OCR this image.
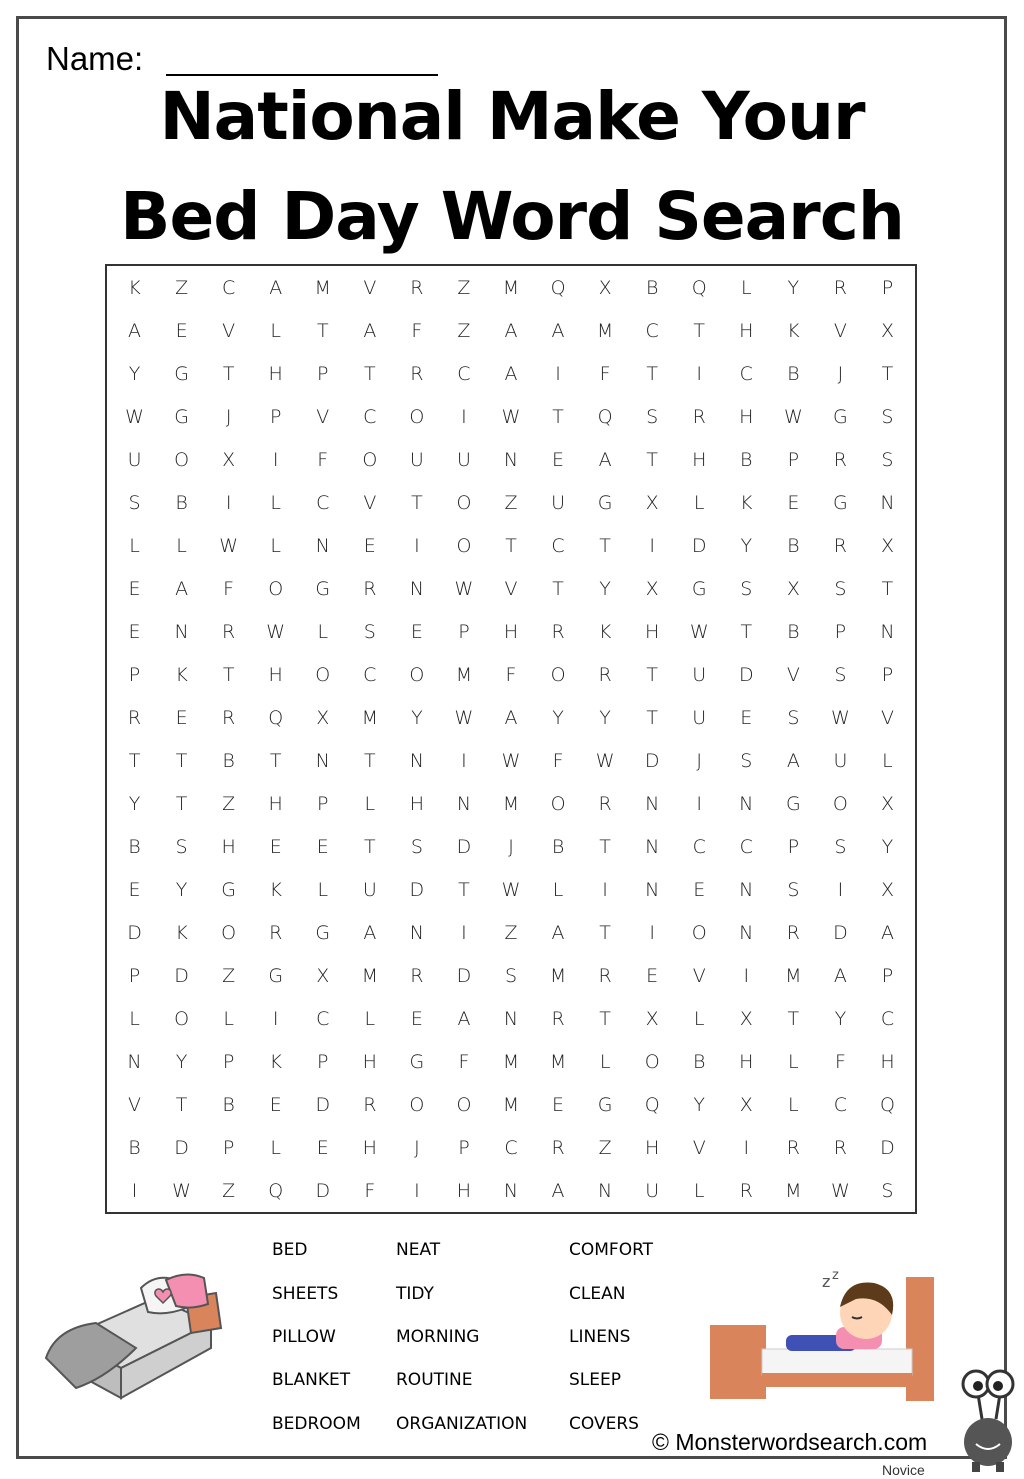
Name:
National Make Your
Bed Day Word Search
K	Z	C	A	M	V	R	Z	M	Q	X	B	Q	L	Y	R	P
A	E	V	L	T	A	F	Z	A	A	M	C	T	H	K	V	X
Y	G	T	H	P	T	R	C	A	I	F	T	I	C	B	J	T
W	G	J	P	V	C	O	I	W	T	Q	S	R	H	W	G	S
U	O	X	I	F	O	U	U	N	E	A	T	H	B	P	R	S
S	B	I	L	C	V	T	O	Z	U	G	X	L	K	E	G	N
L	L	W	L	N	E	I	O	T	C	T	I	D	Y	B	R	X
E	A	F	O	G	R	N	W	V	T	Y	X	G	S	X	S	T
E	N	R	W	L	S	E	P	H	R	K	H	W	T	B	P	N
P	K	T	H	O	C	O	M	F	O	R	T	U	D	V	S	P
R	E	R	Q	X	M	Y	W	A	Y	Y	T	U	E	S	W	V
T	T	B	T	N	T	N	I	W	F	W	D	J	S	A	U	L
Y	T	Z	H	P	L	H	N	M	O	R	N	I	N	G	O	X
B	S	H	E	E	T	S	D	J	B	T	N	C	C	P	S	Y
E	Y	G	K	L	U	D	T	W	L	I	N	E	N	S	I	X
D	K	O	R	G	A	N	I	Z	A	T	I	O	N	R	D	A
P	D	Z	G	X	M	R	D	S	M	R	E	V	I	M	A	P
L	O	L	I	C	L	E	A	N	R	T	X	L	X	T	Y	C
N	Y	P	K	P	H	G	F	M	M	L	O	B	H	L	F	H
V	T	B	E	D	R	O	O	M	E	G	Q	Y	X	L	C	Q
B	D	P	L	E	H	J	P	C	R	Z	H	V	I	R	R	D
I	W	Z	Q	D	F	I	H	N	A	N	U	L	R	M	W	S
BED
SHEETS
PILLOW
BLANKET
BEDROOM
NEAT
TIDY
MORNING
ROUTINE
ORGANIZATION
COMFORT
CLEAN
LINENS
SLEEP
COVERS
z z
© Monsterwordsearch.com
Novice
